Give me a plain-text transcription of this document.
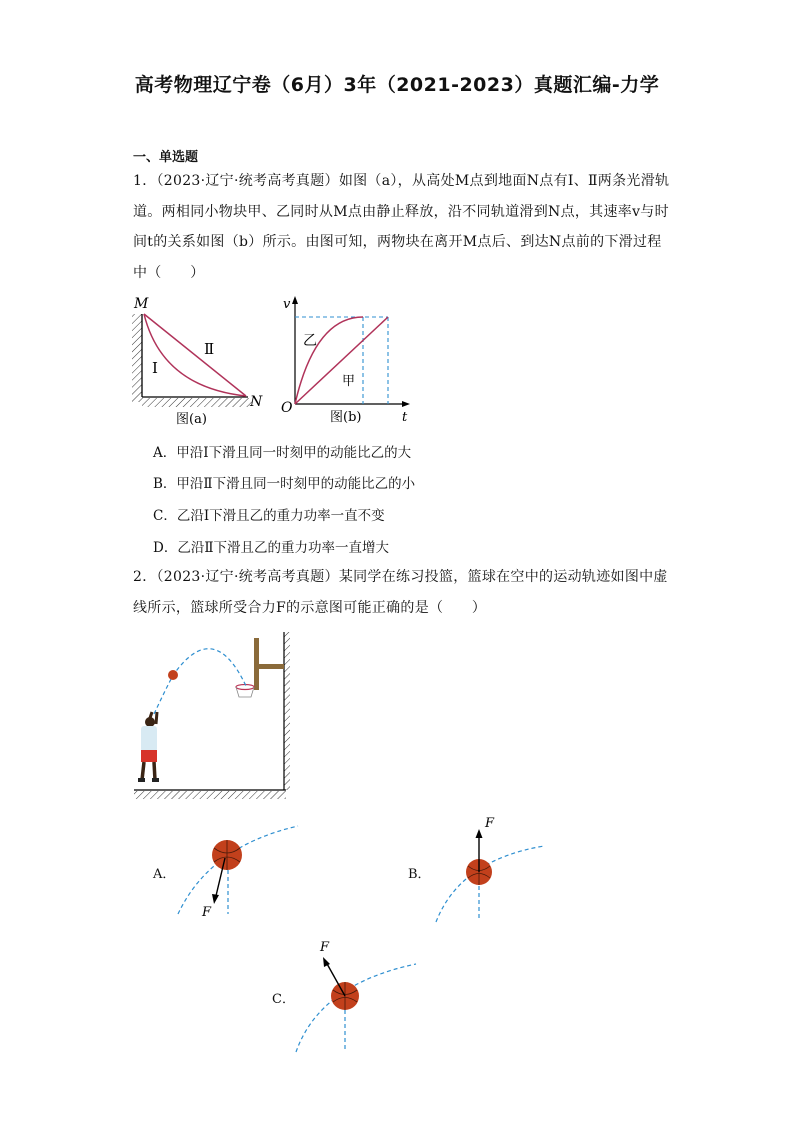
高考物理辽宁卷（6月）3年（2021-2023）真题汇编-力学
一、单选题
1．（2023·辽宁·统考高考真题）如图（a），从高处M点到地面N点有Ⅰ、Ⅱ两条光滑轨道。两相同小物块甲、乙同时从M点由静止释放，沿不同轨道滑到N点，其速率v与时间t的关系如图（b）所示。由图可知，两物块在离开M点后、到达N点前的下滑过程中（　　）
M
N
Ⅰ
Ⅱ
图(a)
v
t
O
乙
甲
图(b)
A．甲沿Ⅰ下滑且同一时刻甲的动能比乙的大
B．甲沿Ⅱ下滑且同一时刻甲的动能比乙的小
C．乙沿Ⅰ下滑且乙的重力功率一直不变
D．乙沿Ⅱ下滑且乙的重力功率一直增大
2．（2023·辽宁·统考高考真题）某同学在练习投篮，篮球在空中的运动轨迹如图中虚线所示，篮球所受合力F的示意图可能正确的是（　　）
A．
F
B．
F
C．
F
